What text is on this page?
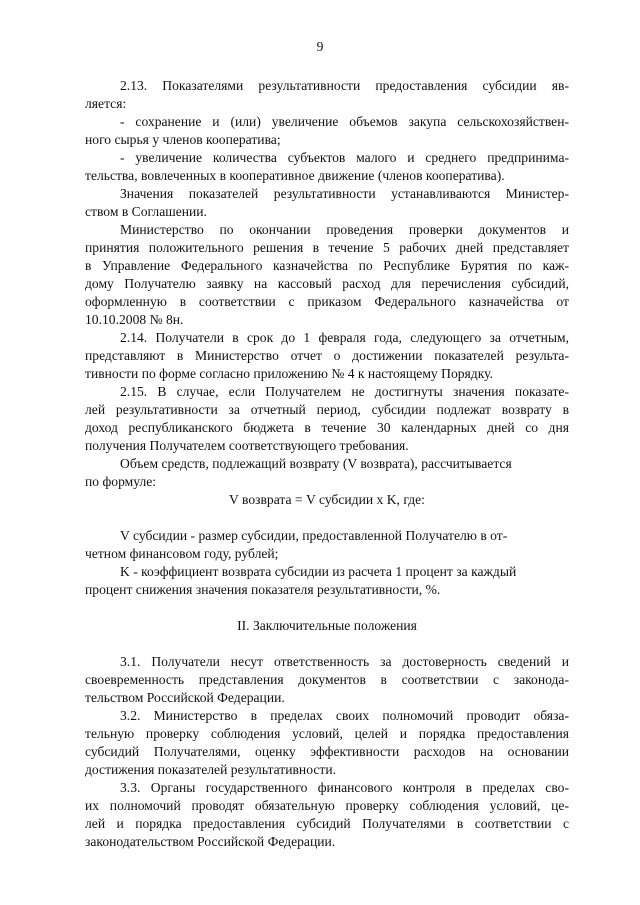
9
2.13. Показателями результативности предоставления субсидии яв-
ляется:
- сохранение и (или) увеличение объемов закупа сельскохозяйствен-
ного сырья у членов кооператива;
- увеличение количества субъектов малого и среднего предпринима-
тельства, вовлеченных в кооперативное движение (членов кооператива).
Значения показателей результативности устанавливаются Министер-
ством в Соглашении.
Министерство по окончании проведения проверки документов и
принятия положительного решения в течение 5 рабочих дней представляет
в Управление Федерального казначейства по Республике Бурятия по каж-
дому Получателю заявку на кассовый расход для перечисления субсидий,
оформленную в соответствии с приказом Федерального казначейства от
10.10.2008 № 8н.
2.14. Получатели в срок до 1 февраля года, следующего за отчетным,
представляют в Министерство отчет о достижении показателей результа-
тивности по форме согласно приложению № 4 к настоящему Порядку.
2.15. В случае, если Получателем не достигнуты значения показате-
лей результативности за отчетный период, субсидии подлежат возврату в
доход республиканского бюджета в течение 30 календарных дней со дня
получения Получателем соответствующего требования.
Объем средств, подлежащий возврату (V возврата), рассчитывается
по формуле:
V возврата = V субсидии x K, где:
V субсидии - размер субсидии, предоставленной Получателю в от-
четном финансовом году, рублей;
K - коэффициент возврата субсидии из расчета 1 процент за каждый
процент снижения значения показателя результативности, %.
II. Заключительные положения
3.1. Получатели несут ответственность за достоверность сведений и
своевременность представления документов в соответствии с законода-
тельством Российской Федерации.
3.2. Министерство в пределах своих полномочий проводит обяза-
тельную проверку соблюдения условий, целей и порядка предоставления
субсидий Получателями, оценку эффективности расходов на основании
достижения показателей результативности.
3.3. Органы государственного финансового контроля в пределах сво-
их полномочий проводят обязательную проверку соблюдения условий, це-
лей и порядка предоставления субсидий Получателями в соответствии с
законодательством Российской Федерации.
